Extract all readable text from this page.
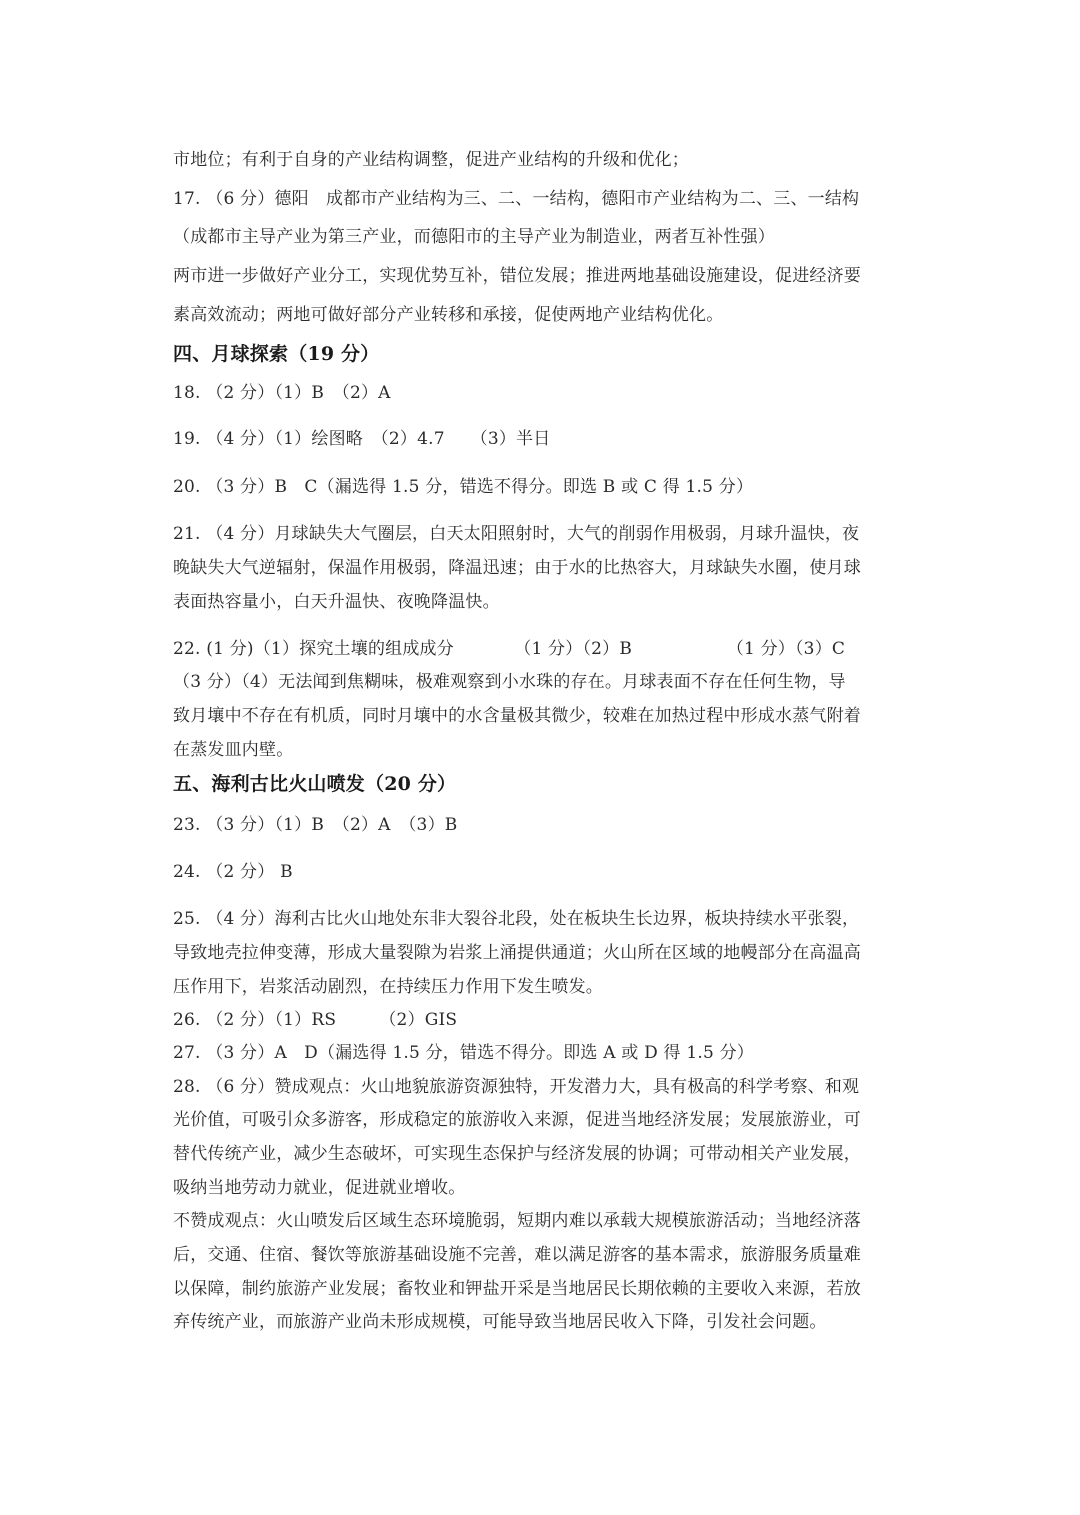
市地位；有利于自身的产业结构调整，促进产业结构的升级和优化；
17. （6 分）德阳　成都市产业结构为三、二、一结构，德阳市产业结构为二、三、一结构
（成都市主导产业为第三产业，而德阳市的主导产业为制造业，两者互补性强）
两市进一步做好产业分工，实现优势互补，错位发展；推进两地基础设施建设，促进经济要
素高效流动；两地可做好部分产业转移和承接，促使两地产业结构优化。
四、月球探索（19 分）
18. （2 分）（1）B　（2）A
19. （4 分）（1）绘图略　（2）4.7　　（3）半日
20. （3 分）B　C（漏选得 1.5 分，错选不得分。即选 B 或 C 得 1.5 分）
21. （4 分）月球缺失大气圈层，白天太阳照射时，大气的削弱作用极弱，月球升温快，夜
晚缺失大气逆辐射，保温作用极弱，降温迅速；由于水的比热容大，月球缺失水圈，使月球
表面热容量小，白天升温快、夜晚降温快。
22. (1 分)（1）探究土壤的组成成分　　　　（1 分）（2）B　　　　　　（1 分）（3）C
（3 分）（4）无法闻到焦糊味，极难观察到小水珠的存在。月球表面不存在任何生物，导
致月壤中不存在有机质，同时月壤中的水含量极其微少，较难在加热过程中形成水蒸气附着
在蒸发皿内壁。
五、海利古比火山喷发（20 分）
23. （3 分）（1）B　（2）A　（3）B
24. （2 分） B
25. （4 分）海利古比火山地处东非大裂谷北段，处在板块生长边界，板块持续水平张裂，
导致地壳拉伸变薄，形成大量裂隙为岩浆上涌提供通道；火山所在区域的地幔部分在高温高
压作用下，岩浆活动剧烈，在持续压力作用下发生喷发。
26. （2 分）（1）RS　　　（2）GIS
27. （3 分）A　D（漏选得 1.5 分，错选不得分。即选 A 或 D 得 1.5 分）
28. （6 分）赞成观点：火山地貌旅游资源独特，开发潜力大，具有极高的科学考察、和观
光价值，可吸引众多游客，形成稳定的旅游收入来源，促进当地经济发展；发展旅游业，可
替代传统产业，减少生态破坏，可实现生态保护与经济发展的协调；可带动相关产业发展，
吸纳当地劳动力就业，促进就业增收。
不赞成观点：火山喷发后区域生态环境脆弱，短期内难以承载大规模旅游活动；当地经济落
后，交通、住宿、餐饮等旅游基础设施不完善，难以满足游客的基本需求，旅游服务质量难
以保障，制约旅游产业发展；畜牧业和钾盐开采是当地居民长期依赖的主要收入来源，若放
弃传统产业，而旅游产业尚未形成规模，可能导致当地居民收入下降，引发社会问题。
